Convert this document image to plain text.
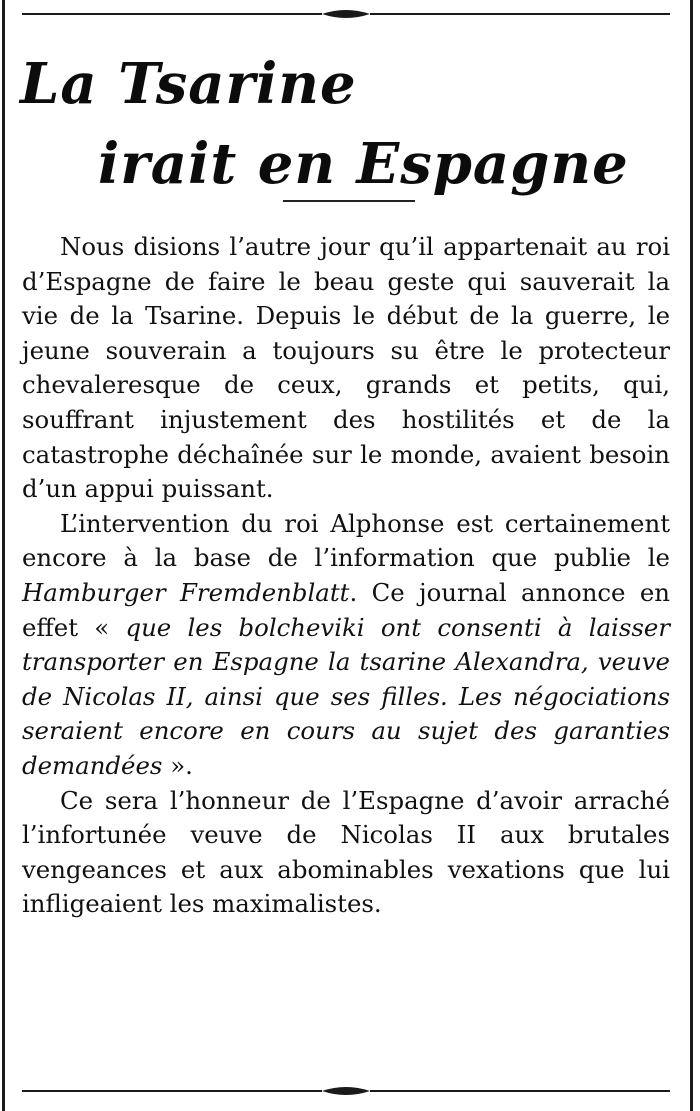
La Tsarine
irait en Espagne

Nous disions l’autre jour qu’il appartenait au roi d’Espagne de faire le beau geste qui sauverait la vie de la Tsarine. Depuis le début de la guerre, le jeune souverain a toujours su être le protecteur chevaleresque de ceux, grands et petits, qui, souffrant injustement des hostilités et de la catastrophe déchaînée sur le monde, avaient besoin d’un appui puissant.

L’intervention du roi Alphonse est certainement encore à la base de l’information que publie le Hamburger Fremdenblatt. Ce journal annonce en effet « que les bolcheviki ont consenti à laisser transporter en Espagne la tsarine Alexandra, veuve de Nicolas II, ainsi que ses filles. Les négociations seraient encore en cours au sujet des garanties demandées ».

Ce sera l’honneur de l’Espagne d’avoir arraché l’infortunée veuve de Nicolas II aux brutales vengeances et aux abominables vexations que lui infligeaient les maximalistes.
